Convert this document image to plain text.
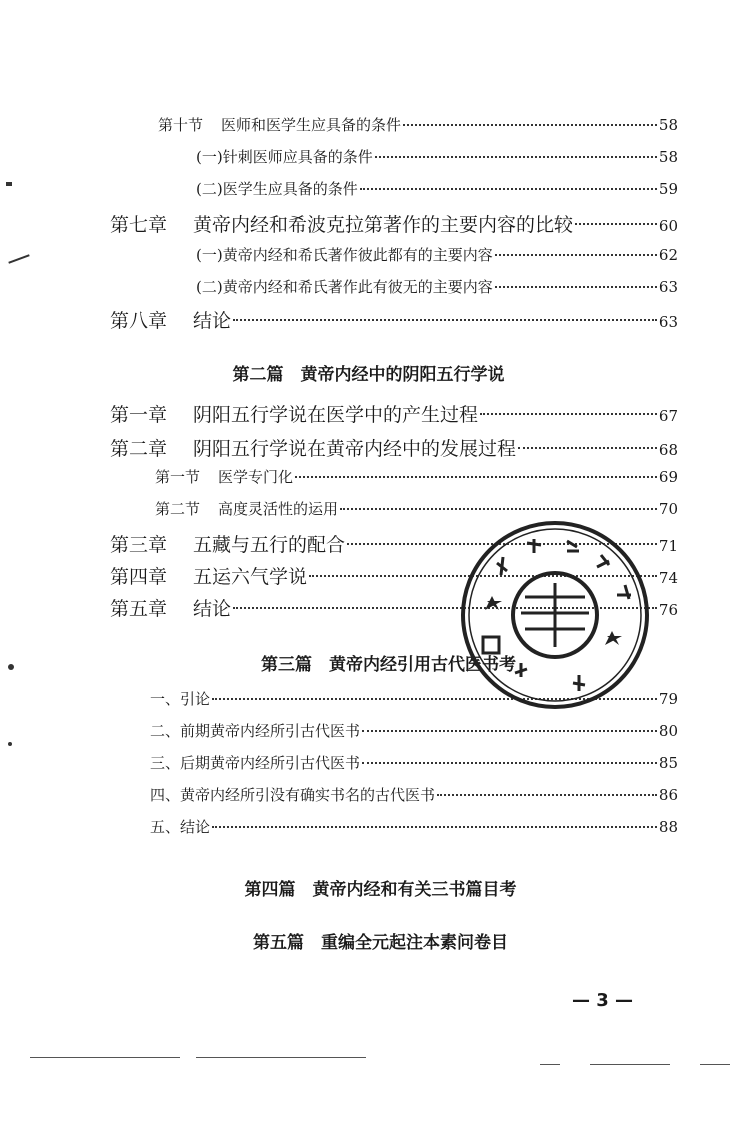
第十节 医师和医学生应具备的条件	58
(一)针刺医师应具备的条件	58
(二)医学生应具备的条件	59
第七章 黄帝内经和希波克拉第著作的主要内容的比较	60
(一)黄帝内经和希氏著作彼此都有的主要内容	62
(二)黄帝内经和希氏著作此有彼无的主要内容	63
第八章 结论	63
第二篇　黄帝内经中的阴阳五行学说
第一章 阴阳五行学说在医学中的产生过程	67
第二章 阴阳五行学说在黄帝内经中的发展过程	68
第一节 医学专门化	69
第二节 高度灵活性的运用	70
第三章 五藏与五行的配合	71
第四章 五运六气学说	74
第五章 结论	76
第三篇　黄帝内经引用古代医书考
一、 引论	79
二、 前期黄帝内经所引古代医书	80
三、 后期黄帝内经所引古代医书	85
四、 黄帝内经所引没有确实书名的古代医书	86
五、 结论	88
第四篇　黄帝内经和有关三书篇目考
第五篇　重编全元起注本素问卷目
— 3 —
